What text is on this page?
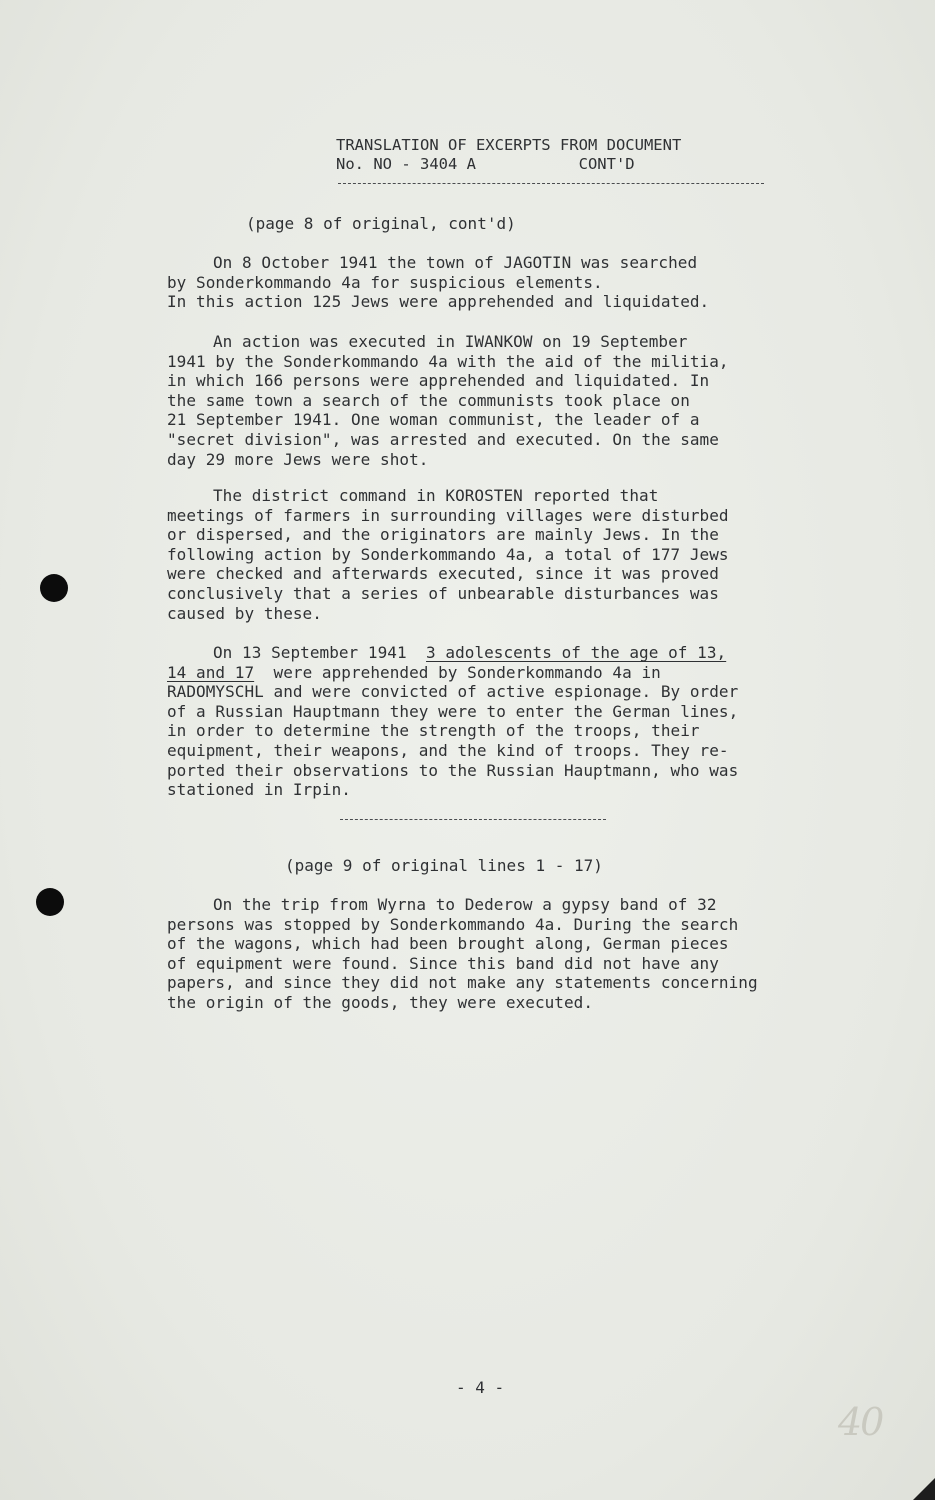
TRANSLATION OF EXCERPTS FROM DOCUMENT
No. NO - 3404 A           CONT'D
(page 8 of original, cont'd)
On 8 October 1941 the town of JAGOTIN was searched
by Sonderkommando 4a for suspicious elements.
In this action 125 Jews were apprehended and liquidated.
An action was executed in IWANKOW on 19 September
1941 by the Sonderkommando 4a with the aid of the militia,
in which 166 persons were apprehended and liquidated. In
the same town a search of the communists took place on
21 September 1941. One woman communist, the leader of a
"secret division", was arrested and executed. On the same
day 29 more Jews were shot.
The district command in KOROSTEN reported that
meetings of farmers in surrounding villages were disturbed
or dispersed, and the originators are mainly Jews. In the
following action by Sonderkommando 4a, a total of 177 Jews
were checked and afterwards executed, since it was proved
conclusively that a series of unbearable disturbances was
caused by these.
On 13 September 1941  3 adolescents of the age of 13,
14 and 17  were apprehended by Sonderkommando 4a in
RADOMYSCHL and were convicted of active espionage. By order
of a Russian Hauptmann they were to enter the German lines,
in order to determine the strength of the troops, their
equipment, their weapons, and the kind of troops. They re-
ported their observations to the Russian Hauptmann, who was
stationed in Irpin.
(page 9 of original lines 1 - 17)
On the trip from Wyrna to Dederow a gypsy band of 32
persons was stopped by Sonderkommando 4a. During the search
of the wagons, which had been brought along, German pieces
of equipment were found. Since this band did not have any
papers, and since they did not make any statements concerning
the origin of the goods, they were executed.
- 4 -
40
